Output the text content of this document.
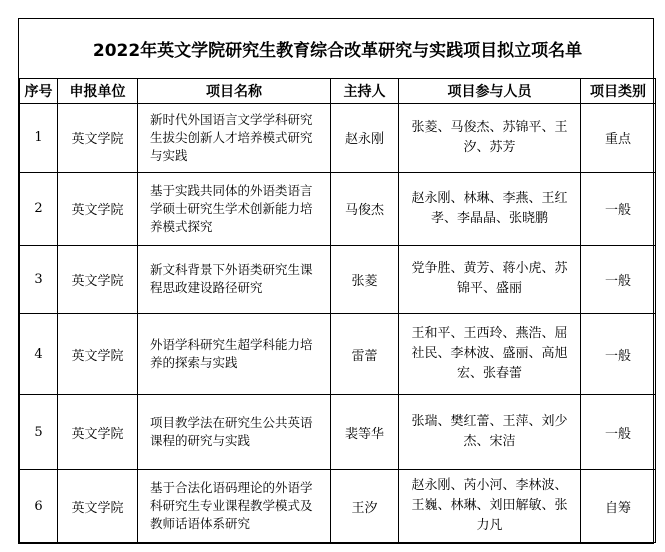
2022年英文学院研究生教育综合改革研究与实践项目拟立项名单					
序号	申报单位	项目名称	主持人	项目参与人员	项目类别
1	英文学院	新时代外国语言文学学科研究生拔尖创新人才培养模式研究与实践	赵永刚	张菱、马俊杰、苏锦平、王汐、苏芳	重点
2	英文学院	基于实践共同体的外语类语言学硕士研究生学术创新能力培养模式探究	马俊杰	赵永刚、林琳、李燕、王红孝、李晶晶、张晓鹏	一般
3	英文学院	新文科背景下外语类研究生课程思政建设路径研究	张菱	党争胜、黄芳、蒋小虎、苏锦平、盛丽	一般
4	英文学院	外语学科研究生超学科能力培养的探索与实践	雷蕾	王和平、王西玲、燕浩、屈社民、李林波、盛丽、高旭宏、张春蕾	一般
5	英文学院	项目教学法在研究生公共英语课程的研究与实践	裴等华	张瑞、樊红蕾、王萍、刘少杰、宋洁	一般
6	英文学院	基于合法化语码理论的外语学科研究生专业课程教学模式及教师话语体系研究	王汐	赵永刚、芮小河、李林波、王巍、林琳、刘田解敏、张力凡	自筹
